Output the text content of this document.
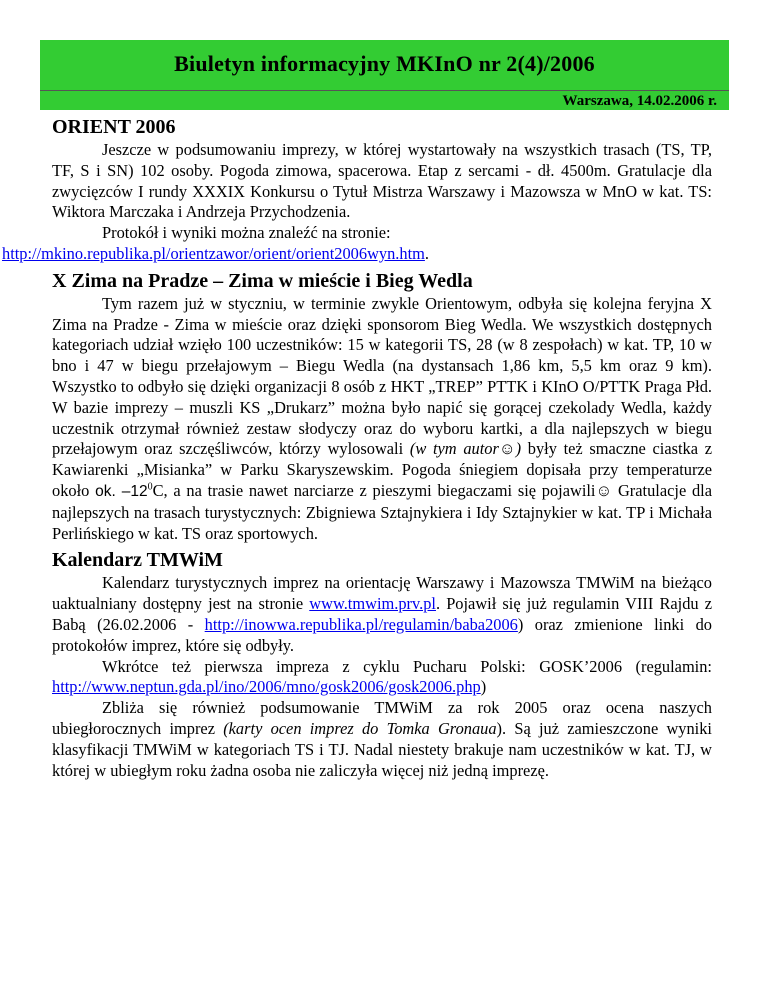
Biuletyn informacyjny MKInO nr 2(4)/2006
Warszawa, 14.02.2006 r.
ORIENT 2006

Jeszcze w podsumowaniu imprezy, w której wystartowały na wszystkich trasach (TS, TP, TF, S i SN) 102 osoby. Pogoda zimowa, spacerowa. Etap z sercami - dł. 4500m. Gratulacje dla zwycięzców I rundy XXXIX Konkursu o Tytuł Mistrza Warszawy i Mazowsza w MnO w kat. TS: Wiktora Marczaka i Andrzeja Przychodzenia.

Protokół i wyniki można znaleźć na stronie:
http://mkino.republika.pl/orientzawor/orient/orient2006wyn.htm.

X Zima na Pradze – Zima w mieście i Bieg Wedla

Tym razem już w styczniu, w terminie zwykle Orientowym, odbyła się kolejna feryjna X Zima na Pradze - Zima w mieście oraz dzięki sponsorom Bieg Wedla. We wszystkich dostępnych kategoriach udział wzięło 100 uczestników: 15 w kategorii TS, 28 (w 8 zespołach) w kat. TP, 10 w bno i 47 w biegu przełajowym – Biegu Wedla (na dystansach 1,86 km, 5,5 km oraz 9 km). Wszystko to odbyło się dzięki organizacji 8 osób z HKT „TREP” PTTK i KInO O/PTTK Praga Płd. W bazie imprezy – muszli KS „Drukarz” można było napić się gorącej czekolady Wedla, każdy uczestnik otrzymał również zestaw słodyczy oraz do wyboru kartki, a dla najlepszych w biegu przełajowym oraz szczęśliwców, którzy wylosowali (w tym autor☺) były też smaczne ciastka z Kawiarenki „Misianka” w Parku Skaryszewskim. Pogoda śniegiem dopisała przy temperaturze około ok. $-12^0C$, a na trasie nawet narciarze z pieszymi biegaczami się pojawili☺ Gratulacje dla najlepszych na trasach turystycznych: Zbigniewa Sztajnykiera i Idy Sztajnykier w kat. TP i Michała Perlińskiego w kat. TS oraz sportowych.

Kalendarz TMWiM

Kalendarz turystycznych imprez na orientację Warszawy i Mazowsza TMWiM na bieżąco uaktualniany dostępny jest na stronie www.tmwim.prv.pl. Pojawił się już regulamin VIII Rajdu z Babą (26.02.2006 - http://inowwa.republika.pl/regulamin/baba2006) oraz zmienione linki do protokołów imprez, które się odbyły.

Wkrótce też pierwsza impreza z cyklu Pucharu Polski: GOSK’2006 (regulamin: http://www.neptun.gda.pl/ino/2006/mno/gosk2006/gosk2006.php)

Zbliża się również podsumowanie TMWiM za rok 2005 oraz ocena naszych ubiegłorocznych imprez (karty ocen imprez do Tomka Gronaua). Są już zamieszczone wyniki klasyfikacji TMWiM w kategoriach TS i TJ. Nadal niestety brakuje nam uczestników w kat. TJ, w której w ubiegłym roku żadna osoba nie zaliczyła więcej niż jedną imprezę.
